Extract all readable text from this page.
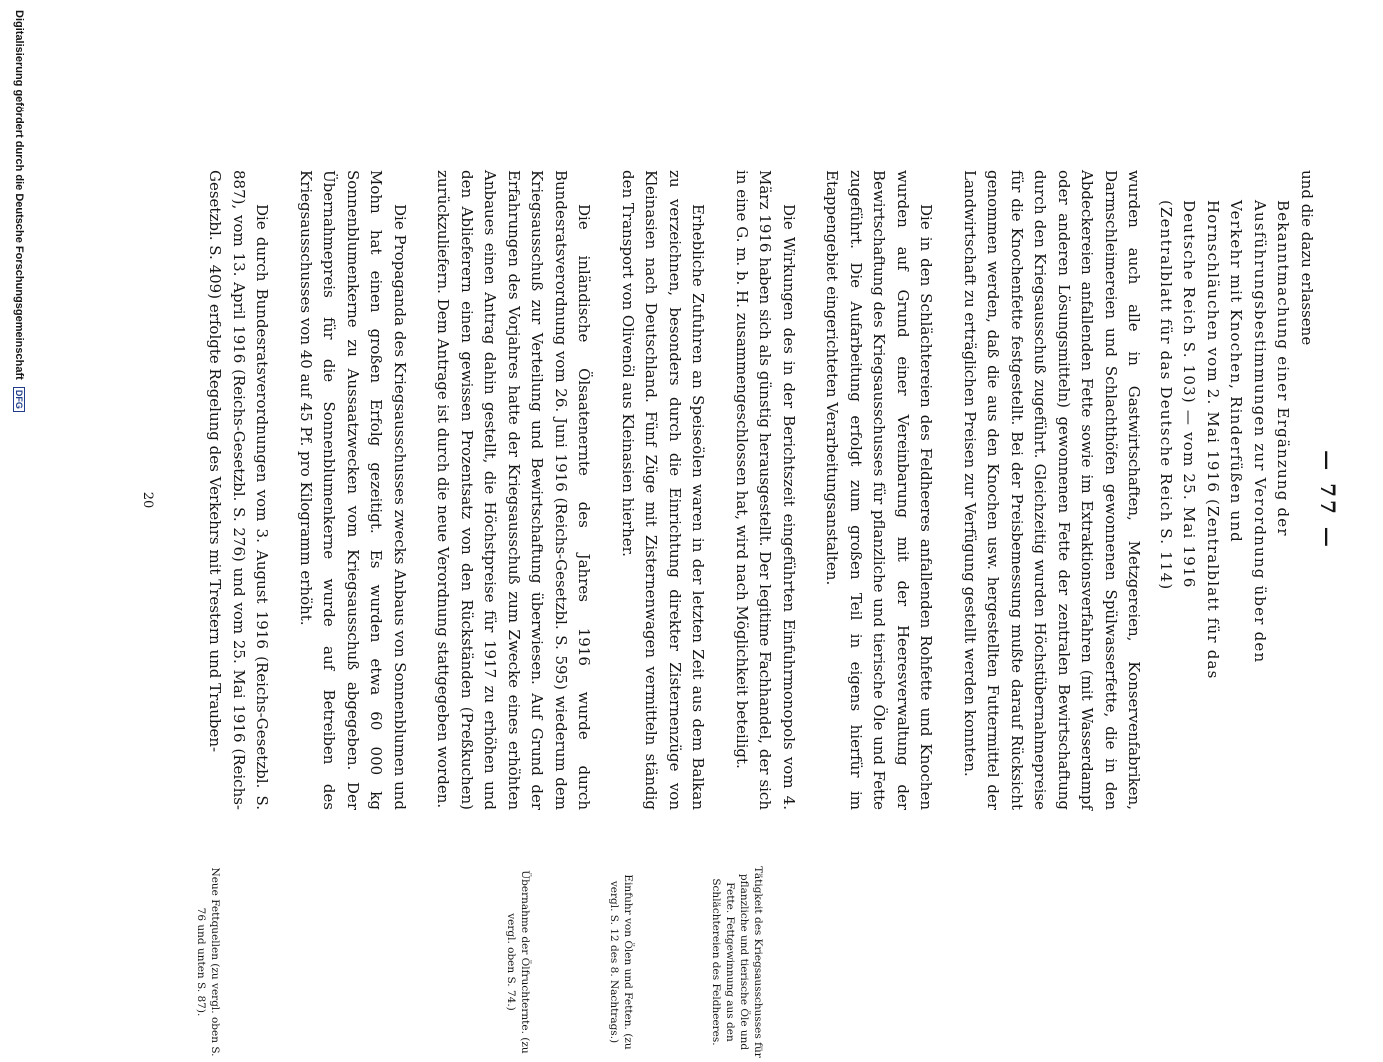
— 77 —

und die dazu erlassene

Bekanntmachung einer Ergänzung der Ausführungsbestimmungen zur Verordnung über den Verkehr mit Knochen, Rinderfüßen und Hornschläuchen vom 2. Mai 1916 (Zentralblatt für das Deutsche Reich S. 103) — vom 25. Mai 1916 (Zentralblatt für das Deutsche Reich S. 114)

wurden auch alle in Gastwirtschaften, Metzgereien, Konservenfabriken, Darmschleimereien und Schlachthöfen gewonnenen Spülwasserfette, die in den Abdeckereien anfallenden Fette sowie im Extraktionsverfahren (mit Wasserdampf oder anderen Lösungsmitteln) gewonnenen Fette der zentralen Bewirtschaftung durch den Kriegsausschuß zugeführt. Gleichzeitig wurden Höchstübernahmepreise für die Knochenfette festgestellt. Bei der Preisbemessung mußte darauf Rücksicht genommen werden, daß die aus den Knochen usw. hergestellten Futtermittel der Landwirtschaft zu erträglichen Preisen zur Verfügung gestellt werden konnten.

Die in den Schlächtereien des Feldheeres anfallenden Rohfette und Knochen wurden auf Grund einer Vereinbarung mit der Heeresverwaltung der Bewirtschaftung des Kriegsausschusses für pflanzliche und tierische Öle und Fette zugeführt. Die Aufarbeitung erfolgt zum großen Teil in eigens hierfür im Etappengebiet eingerichteten Verarbeitungsanstalten.

Die Wirkungen des in der Berichtszeit eingeführten Einfuhrmonopols vom 4. März 1916 haben sich als günstig herausgestellt. Der legitime Fachhandel, der sich in eine G. m. b. H. zusammengeschlossen hat, wird nach Möglichkeit beteiligt.

Erhebliche Zufuhren an Speiseölen waren in der letzten Zeit aus dem Balkan zu verzeichnen, besonders durch die Einrichtung direkter Zisternenzüge von Kleinasien nach Deutschland. Fünf Züge mit Zisternenwagen vermitteln ständig den Transport von Olivenöl aus Kleinasien hierher.

Die inländische Ölsaatenernte des Jahres 1916 wurde durch Bundesratsverordnung vom 26. Juni 1916 (Reichs-Gesetzbl. S. 595) wiederum dem Kriegsausschuß zur Verteilung und Bewirtschaftung überwiesen. Auf Grund der Erfahrungen des Vorjahres hatte der Kriegsausschuß zum Zwecke eines erhöhten Anbaues einen Antrag dahin gestellt, die Höchstpreise für 1917 zu erhöhen und den Ablieferern einen gewissen Prozentsatz von den Rückständen (Preßkuchen) zurückzuliefern. Dem Antrage ist durch die neue Verordnung stattgegeben worden.

Die Propaganda des Kriegsausschusses zwecks Anbaus von Sonnenblumen und Mohn hat einen großen Erfolg gezeitigt. Es wurden etwa 60 000 kg Sonnenblumenkerne zu Aussaatzwecken vom Kriegsausschuß abgegeben. Der Übernahmepreis für die Sonnenblumenkerne wurde auf Betreiben des Kriegsausschusses von 40 auf 45 Pf. pro Kilogramm erhöht.

Die durch Bundesratsverordnungen vom 3. August 1916 (Reichs-Gesetzbl. S. 887), vom 13. April 1916 (Reichs-Gesetzbl. S. 276) und vom 25. Mai 1916 (Reichs-Gesetzbl. S. 409) erfolgte Regelung des Verkehrs mit Trestern und Trauben-

Tätigkeit des Kriegsausschusses für pflanzliche und tierische Öle und Fette. Fettgewinnung aus den Schlächtereien des Feldheeres.
Einfuhr von Ölen und Fetten. (zu vergl. S. 12 des 8. Nachtrags.)
Übernahme der Ölfruchternte. (zu vergl. oben S. 74.)
Neue Fettquellen (zu vergl. oben S. 76 und unten S. 87).
20
Digitalisierung gefördert durch die Deutsche Forschungsgemeinschaft DFG
